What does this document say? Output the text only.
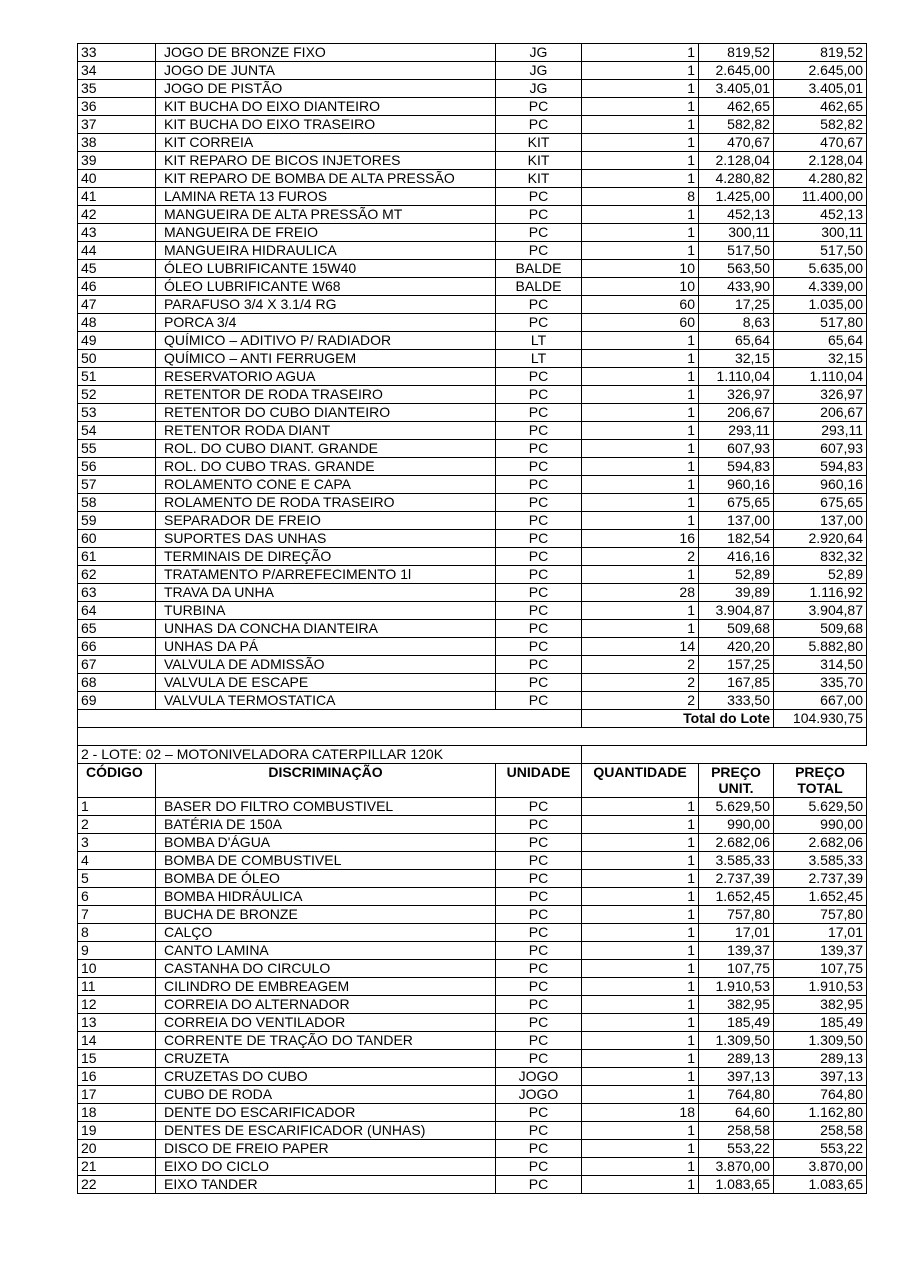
33	JOGO DE BRONZE FIXO	JG	1	819,52	819,52
34	JOGO DE JUNTA	JG	1	2.645,00	2.645,00
35	JOGO DE PISTÃO	JG	1	3.405,01	3.405,01
36	KIT BUCHA DO EIXO DIANTEIRO	PC	1	462,65	462,65
37	KIT BUCHA DO EIXO TRASEIRO	PC	1	582,82	582,82
38	KIT CORREIA	KIT	1	470,67	470,67
39	KIT REPARO DE BICOS INJETORES	KIT	1	2.128,04	2.128,04
40	KIT REPARO DE BOMBA DE ALTA PRESSÃO	KIT	1	4.280,82	4.280,82
41	LAMINA RETA 13 FUROS	PC	8	1.425,00	11.400,00
42	MANGUEIRA DE ALTA PRESSÃO MT	PC	1	452,13	452,13
43	MANGUEIRA DE FREIO	PC	1	300,11	300,11
44	MANGUEIRA HIDRAULICA	PC	1	517,50	517,50
45	ÓLEO LUBRIFICANTE 15W40	BALDE	10	563,50	5.635,00
46	ÓLEO LUBRIFICANTE W68	BALDE	10	433,90	4.339,00
47	PARAFUSO 3/4 X 3.1/4 RG	PC	60	17,25	1.035,00
48	PORCA 3/4	PC	60	8,63	517,80
49	QUÍMICO – ADITIVO P/ RADIADOR	LT	1	65,64	65,64
50	QUÍMICO – ANTI FERRUGEM	LT	1	32,15	32,15
51	RESERVATORIO AGUA	PC	1	1.110,04	1.110,04
52	RETENTOR DE RODA TRASEIRO	PC	1	326,97	326,97
53	RETENTOR DO CUBO DIANTEIRO	PC	1	206,67	206,67
54	RETENTOR RODA DIANT	PC	1	293,11	293,11
55	ROL. DO CUBO DIANT. GRANDE	PC	1	607,93	607,93
56	ROL. DO CUBO TRAS. GRANDE	PC	1	594,83	594,83
57	ROLAMENTO CONE E CAPA	PC	1	960,16	960,16
58	ROLAMENTO DE RODA TRASEIRO	PC	1	675,65	675,65
59	SEPARADOR DE FREIO	PC	1	137,00	137,00
60	SUPORTES DAS UNHAS	PC	16	182,54	2.920,64
61	TERMINAIS DE DIREÇÃO	PC	2	416,16	832,32
62	TRATAMENTO P/ARREFECIMENTO 1l	PC	1	52,89	52,89
63	TRAVA DA UNHA	PC	28	39,89	1.116,92
64	TURBINA	PC	1	3.904,87	3.904,87
65	UNHAS DA CONCHA DIANTEIRA	PC	1	509,68	509,68
66	UNHAS DA PÁ	PC	14	420,20	5.882,80
67	VALVULA DE ADMISSÃO	PC	2	157,25	314,50
68	VALVULA DE ESCAPE	PC	2	167,85	335,70
69	VALVULA TERMOSTATICA	PC	2	333,50	667,00
			Total do Lote		104.930,75

2 - LOTE: 02 – MOTONIVELADORA CATERPILLAR 120K					
CÓDIGO	DISCRIMINAÇÃO	UNIDADE	QUANTIDADE	PREÇO UNIT.	PREÇO TOTAL
1	BASER DO FILTRO COMBUSTIVEL	PC	1	5.629,50	5.629,50
2	BATÉRIA DE 150A	PC	1	990,00	990,00
3	BOMBA D'ÁGUA	PC	1	2.682,06	2.682,06
4	BOMBA DE COMBUSTIVEL	PC	1	3.585,33	3.585,33
5	BOMBA DE ÓLEO	PC	1	2.737,39	2.737,39
6	BOMBA HIDRÁULICA	PC	1	1.652,45	1.652,45
7	BUCHA DE BRONZE	PC	1	757,80	757,80
8	CALÇO	PC	1	17,01	17,01
9	CANTO LAMINA	PC	1	139,37	139,37
10	CASTANHA DO CIRCULO	PC	1	107,75	107,75
11	CILINDRO DE EMBREAGEM	PC	1	1.910,53	1.910,53
12	CORREIA DO ALTERNADOR	PC	1	382,95	382,95
13	CORREIA DO VENTILADOR	PC	1	185,49	185,49
14	CORRENTE DE TRAÇÃO DO TANDER	PC	1	1.309,50	1.309,50
15	CRUZETA	PC	1	289,13	289,13
16	CRUZETAS DO CUBO	JOGO	1	397,13	397,13
17	CUBO DE RODA	JOGO	1	764,80	764,80
18	DENTE DO ESCARIFICADOR	PC	18	64,60	1.162,80
19	DENTES DE ESCARIFICADOR (UNHAS)	PC	1	258,58	258,58
20	DISCO DE FREIO PAPER	PC	1	553,22	553,22
21	EIXO DO CICLO	PC	1	3.870,00	3.870,00
22	EIXO TANDER	PC	1	1.083,65	1.083,65
